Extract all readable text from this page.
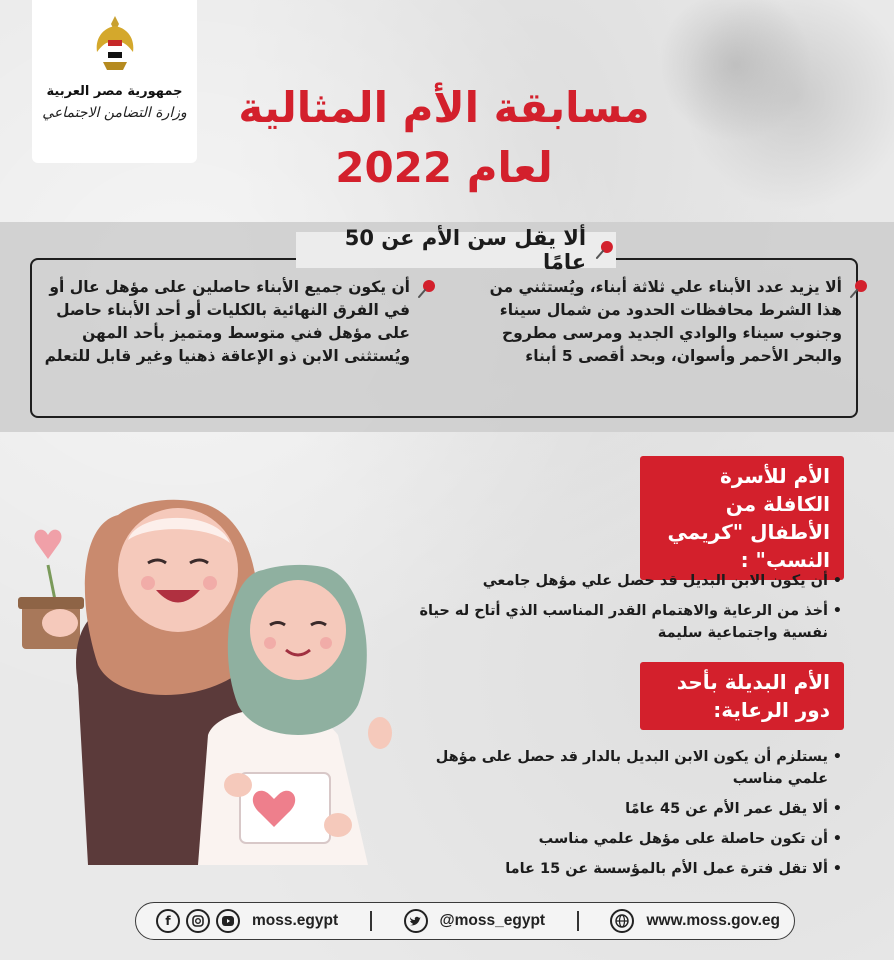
جمهورية مصر العربية
وزارة التضامن الاجتماعي	مسابقة الأم المثالية
لعام 2022
ألا يقل سن الأم عن 50 عامًا
ألا يزيد عدد الأبناء علي ثلاثة أبناء، ويُستثني من هذا الشرط محافظات الحدود من شمال سيناء وجنوب سيناء والوادي الجديد ومرسى مطروح والبحر الأحمر وأسوان، وبحد أقصى 5 أبناء
أن يكون جميع الأبناء حاصلين على مؤهل عال أو في الفرق النهائية بالكليات أو أحد الأبناء حاصل على مؤهل فني متوسط ومتميز بأحد المهن ويُستثنى الابن ذو الإعاقة ذهنيا وغير قابل للتعلم
الأم للأسرة الكافلة من الأطفال "كريمي النسب" :
• أن يكون الابن البديل قد حصل علي مؤهل جامعي
• أخذ من الرعاية والاهتمام القدر المناسب الذي أتاح له حياة نفسية واجتماعية سليمة
الأم البديلة بأحد دور الرعاية:
• يستلزم أن يكون الابن البديل بالدار قد حصل على مؤهل علمي مناسب
• ألا يقل عمر الأم عن 45 عامًا
• أن تكون حاصلة على مؤهل علمي مناسب
• ألا تقل فترة عمل الأم بالمؤسسة عن 15 عاما
f	moss.egypt	@moss_egypt	www.moss.gov.eg
